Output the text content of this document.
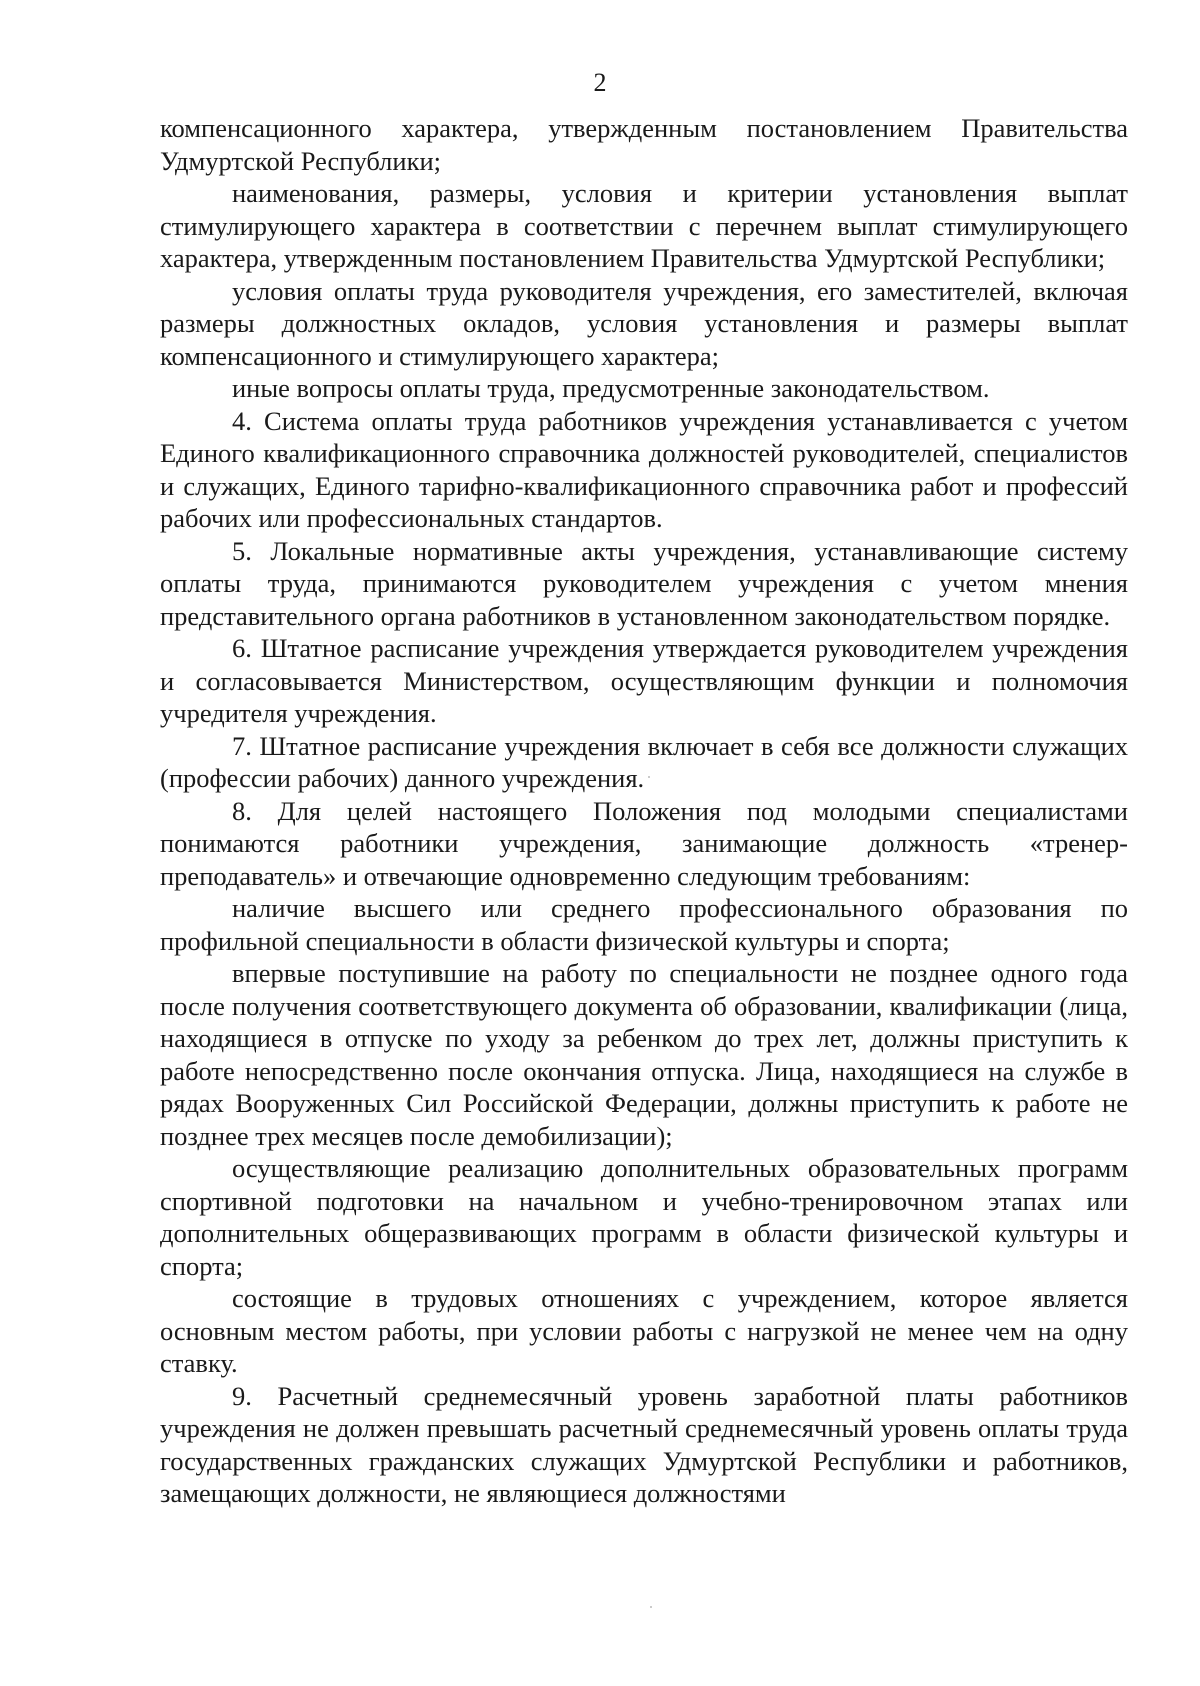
2

компенсационного характера, утвержденным постановлением Правительства Удмуртской Республики;

наименования, размеры, условия и критерии установления выплат стимулирующего характера в соответствии с перечнем выплат стимулирующего характера, утвержденным постановлением Правительства Удмуртской Республики;

условия оплаты труда руководителя учреждения, его заместителей, включая размеры должностных окладов, условия установления и размеры выплат компенсационного и стимулирующего характера;

иные вопросы оплаты труда, предусмотренные законодательством.

4. Система оплаты труда работников учреждения устанавливается с учетом Единого квалификационного справочника должностей руководителей, специалистов и служащих, Единого тарифно-квалификационного справочника работ и профессий рабочих или профессиональных стандартов.

5. Локальные нормативные акты учреждения, устанавливающие систему оплаты труда, принимаются руководителем учреждения с учетом мнения представительного органа работников в установленном законодательством порядке.

6. Штатное расписание учреждения утверждается руководителем учреждения и согласовывается Министерством, осуществляющим функции и полномочия учредителя учреждения.

7. Штатное расписание учреждения включает в себя все должности служащих (профессии рабочих) данного учреждения.

8. Для целей настоящего Положения под молодыми специалистами понимаются работники учреждения, занимающие должность «тренер-преподаватель» и отвечающие одновременно следующим требованиям:

наличие высшего или среднего профессионального образования по профильной специальности в области физической культуры и спорта;

впервые поступившие на работу по специальности не позднее одного года после получения соответствующего документа об образовании, квалификации (лица, находящиеся в отпуске по уходу за ребенком до трех лет, должны приступить к работе непосредственно после окончания отпуска. Лица, находящиеся на службе в рядах Вооруженных Сил Российской Федерации, должны приступить к работе не позднее трех месяцев после демобилизации);

осуществляющие реализацию дополнительных образовательных программ спортивной подготовки на начальном и учебно-тренировочном этапах или дополнительных общеразвивающих программ в области физической культуры и спорта;

состоящие в трудовых отношениях с учреждением, которое является основным местом работы, при условии работы с нагрузкой не менее чем на одну ставку.

9. Расчетный среднемесячный уровень заработной платы работников учреждения не должен превышать расчетный среднемесячный уровень оплаты труда государственных гражданских служащих Удмуртской Республики и работников, замещающих должности, не являющиеся должностями
